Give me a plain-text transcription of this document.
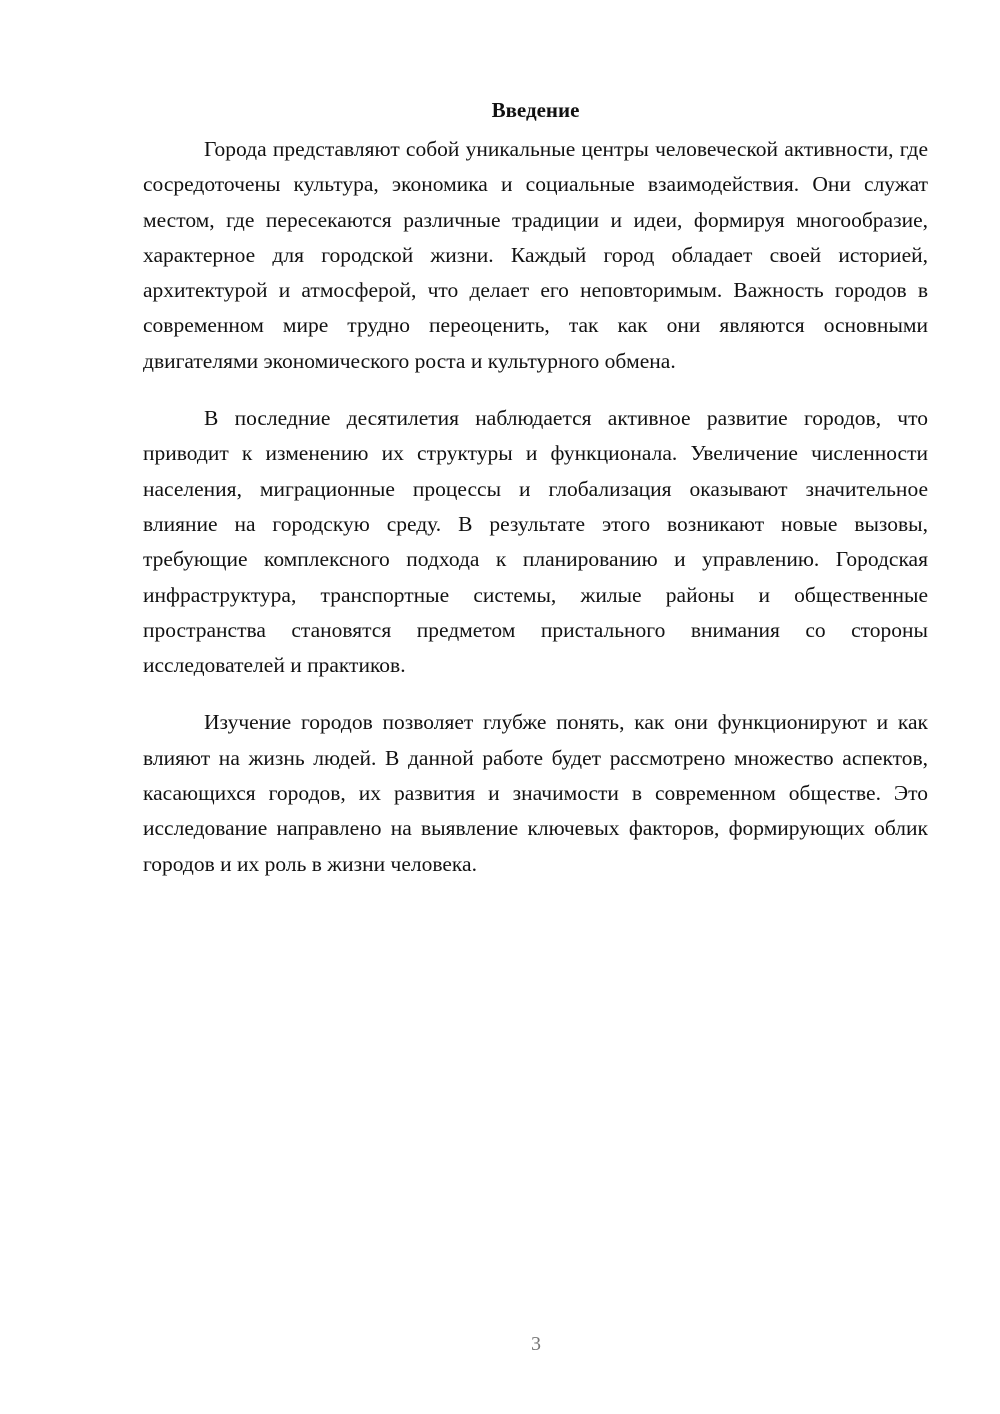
Введение

Города представляют собой уникальные центры человеческой активности, где сосредоточены культура, экономика и социальные взаимодействия. Они служат местом, где пересекаются различные традиции и идеи, формируя многообразие, характерное для городской жизни. Каждый город обладает своей историей, архитектурой и атмосферой, что делает его неповторимым. Важность городов в современном мире трудно переоценить, так как они являются основными двигателями экономического роста и культурного обмена.

В последние десятилетия наблюдается активное развитие городов, что приводит к изменению их структуры и функционала. Увеличение численности населения, миграционные процессы и глобализация оказывают значительное влияние на городскую среду. В результате этого возникают новые вызовы, требующие комплексного подхода к планированию и управлению. Городская инфраструктура, транспортные системы, жилые районы и общественные пространства становятся предметом пристального внимания со стороны исследователей и практиков.

Изучение городов позволяет глубже понять, как они функционируют и как влияют на жизнь людей. В данной работе будет рассмотрено множество аспектов, касающихся городов, их развития и значимости в современном обществе. Это исследование направлено на выявление ключевых факторов, формирующих облик городов и их роль в жизни человека.

3
